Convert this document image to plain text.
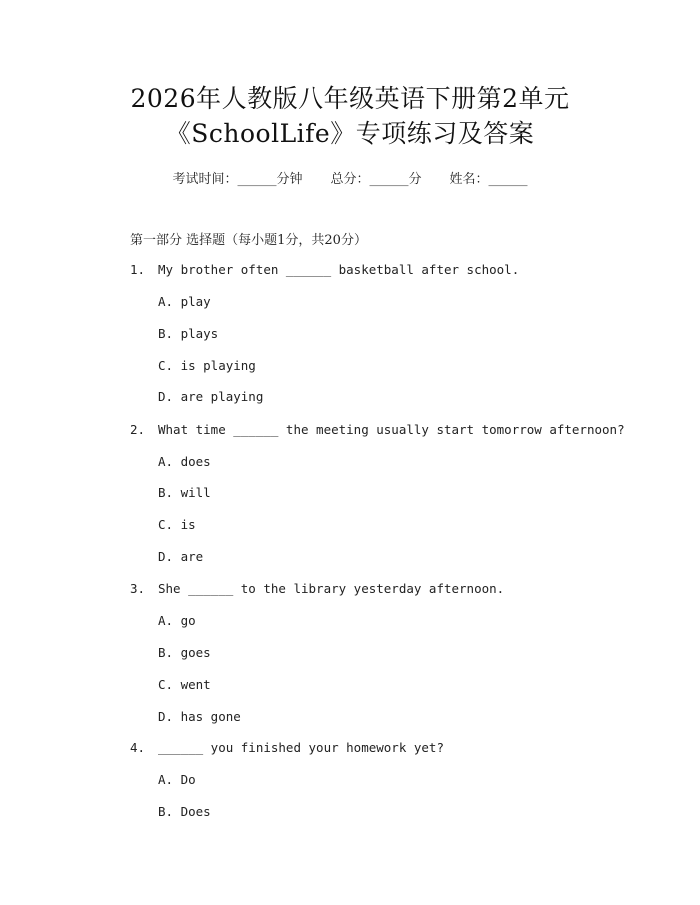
2026年人教版八年级英语下册第2单元
《SchoolLife》专项练习及答案
考试时间：______分钟 总分：______分 姓名：______
第一部分 选择题（每小题1分，共20分）
1. My brother often ______ basketball after school.
A. play
B. plays
C. is playing
D. are playing
2. What time ______ the meeting usually start tomorrow afternoon?
A. does
B. will
C. is
D. are
3. She ______ to the library yesterday afternoon.
A. go
B. goes
C. went
D. has gone
4. ______ you finished your homework yet?
A. Do
B. Does
